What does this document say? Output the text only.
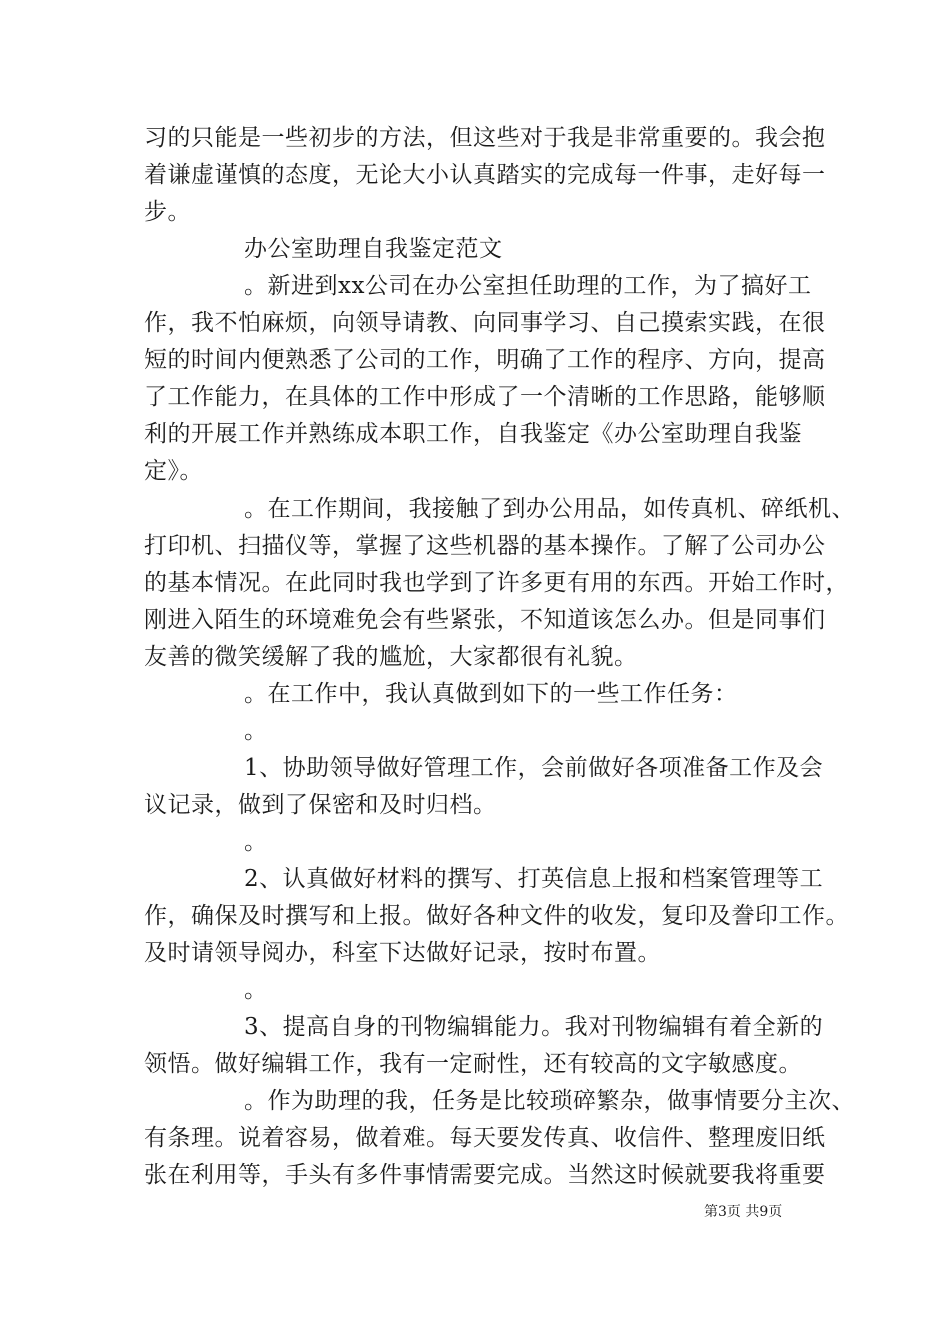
习的只能是一些初步的方法，但这些对于我是非常重要的。我会抱
着谦虚谨慎的态度，无论大小认真踏实的完成每一件事，走好每一
步。
办公室助理自我鉴定范文
。新进到xx公司在办公室担任助理的工作，为了搞好工
作，我不怕麻烦，向领导请教、向同事学习、自己摸索实践，在很
短的时间内便熟悉了公司的工作，明确了工作的程序、方向，提高
了工作能力，在具体的工作中形成了一个清晰的工作思路，能够顺
利的开展工作并熟练成本职工作，自我鉴定《办公室助理自我鉴
定》。
。在工作期间，我接触了到办公用品，如传真机、碎纸机、
打印机、扫描仪等，掌握了这些机器的基本操作。了解了公司办公
的基本情况。在此同时我也学到了许多更有用的东西。开始工作时，
刚进入陌生的环境难免会有些紧张，不知道该怎么办。但是同事们
友善的微笑缓解了我的尴尬，大家都很有礼貌。
。在工作中，我认真做到如下的一些工作任务：
。
1、协助领导做好管理工作，会前做好各项准备工作及会
议记录，做到了保密和及时归档。
。
2、认真做好材料的撰写、打英信息上报和档案管理等工
作，确保及时撰写和上报。做好各种文件的收发，复印及誊印工作。
及时请领导阅办，科室下达做好记录，按时布置。
。
3、提高自身的刊物编辑能力。我对刊物编辑有着全新的
领悟。做好编辑工作，我有一定耐性，还有较高的文字敏感度。
。作为助理的我，任务是比较琐碎繁杂，做事情要分主次、
有条理。说着容易，做着难。每天要发传真、收信件、整理废旧纸
张在利用等，手头有多件事情需要完成。当然这时候就要我将重要
第3页 共9页
